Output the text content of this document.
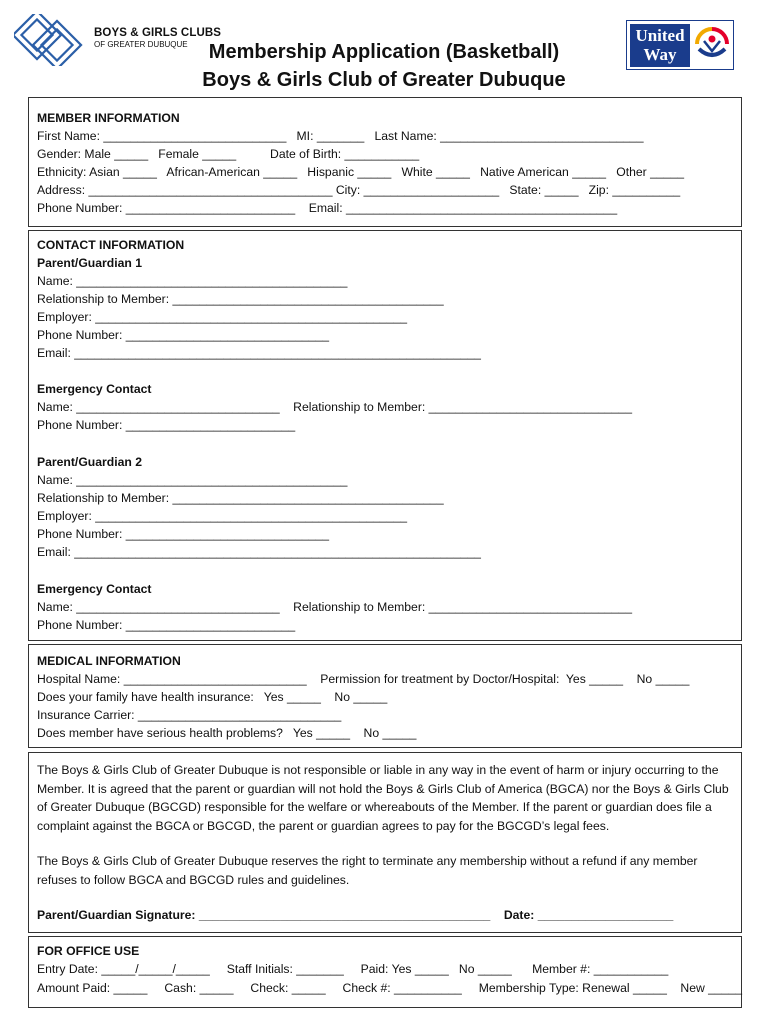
BOYS & GIRLS CLUBS
OF GREATER DUBUQUE	Membership Application (Basketball)
Boys & Girls Club of Greater Dubuque
United
Way
MEMBER INFORMATION
First Name: ___________________________   MI: _______   Last Name: ______________________________
Gender: Male _____   Female _____          Date of Birth: ___________
Ethnicity: Asian _____   African-American _____   Hispanic _____   White _____   Native American _____   Other _____
Address: ____________________________________ City: ____________________   State: _____   Zip: __________
Phone Number: _________________________    Email: ________________________________________
CONTACT INFORMATION
Parent/Guardian 1
Name: ________________________________________
Relationship to Member: ________________________________________
Employer: ______________________________________________
Phone Number: ______________________________
Email: ____________________________________________________________
Emergency Contact
Name: ______________________________    Relationship to Member: ______________________________
Phone Number: _________________________
Parent/Guardian 2
Name: ________________________________________
Relationship to Member: ________________________________________
Employer: ______________________________________________
Phone Number: ______________________________
Email: ____________________________________________________________
Emergency Contact
Name: ______________________________    Relationship to Member: ______________________________
Phone Number: _________________________
MEDICAL INFORMATION
Hospital Name: ___________________________    Permission for treatment by Doctor/Hospital:  Yes _____    No _____
Does your family have health insurance:   Yes _____    No _____
Insurance Carrier: ______________________________
Does member have serious health problems?   Yes _____    No _____
The Boys & Girls Club of Greater Dubuque is not responsible or liable in any way in the event of harm or injury occurring to the Member. It is agreed that the parent or guardian will not hold the Boys & Girls Club of America (BGCA) nor the Boys & Girls Club of Greater Dubuque (BGCGD) responsible for the welfare or whereabouts of the Member. If the parent or guardian does file a complaint against the BGCA or BGCGD, the parent or guardian agrees to pay for the BGCGD’s legal fees.
The Boys & Girls Club of Greater Dubuque reserves the right to terminate any membership without a refund if any member refuses to follow BGCA and BGCGD rules and guidelines.
Parent/Guardian Signature: ___________________________________________    Date: ____________________
FOR OFFICE USE
Entry Date: _____/_____/_____     Staff Initials: _______     Paid: Yes _____   No _____      Member #: ___________
Amount Paid: _____     Cash: _____     Check: _____     Check #: __________     Membership Type: Renewal _____    New _____
